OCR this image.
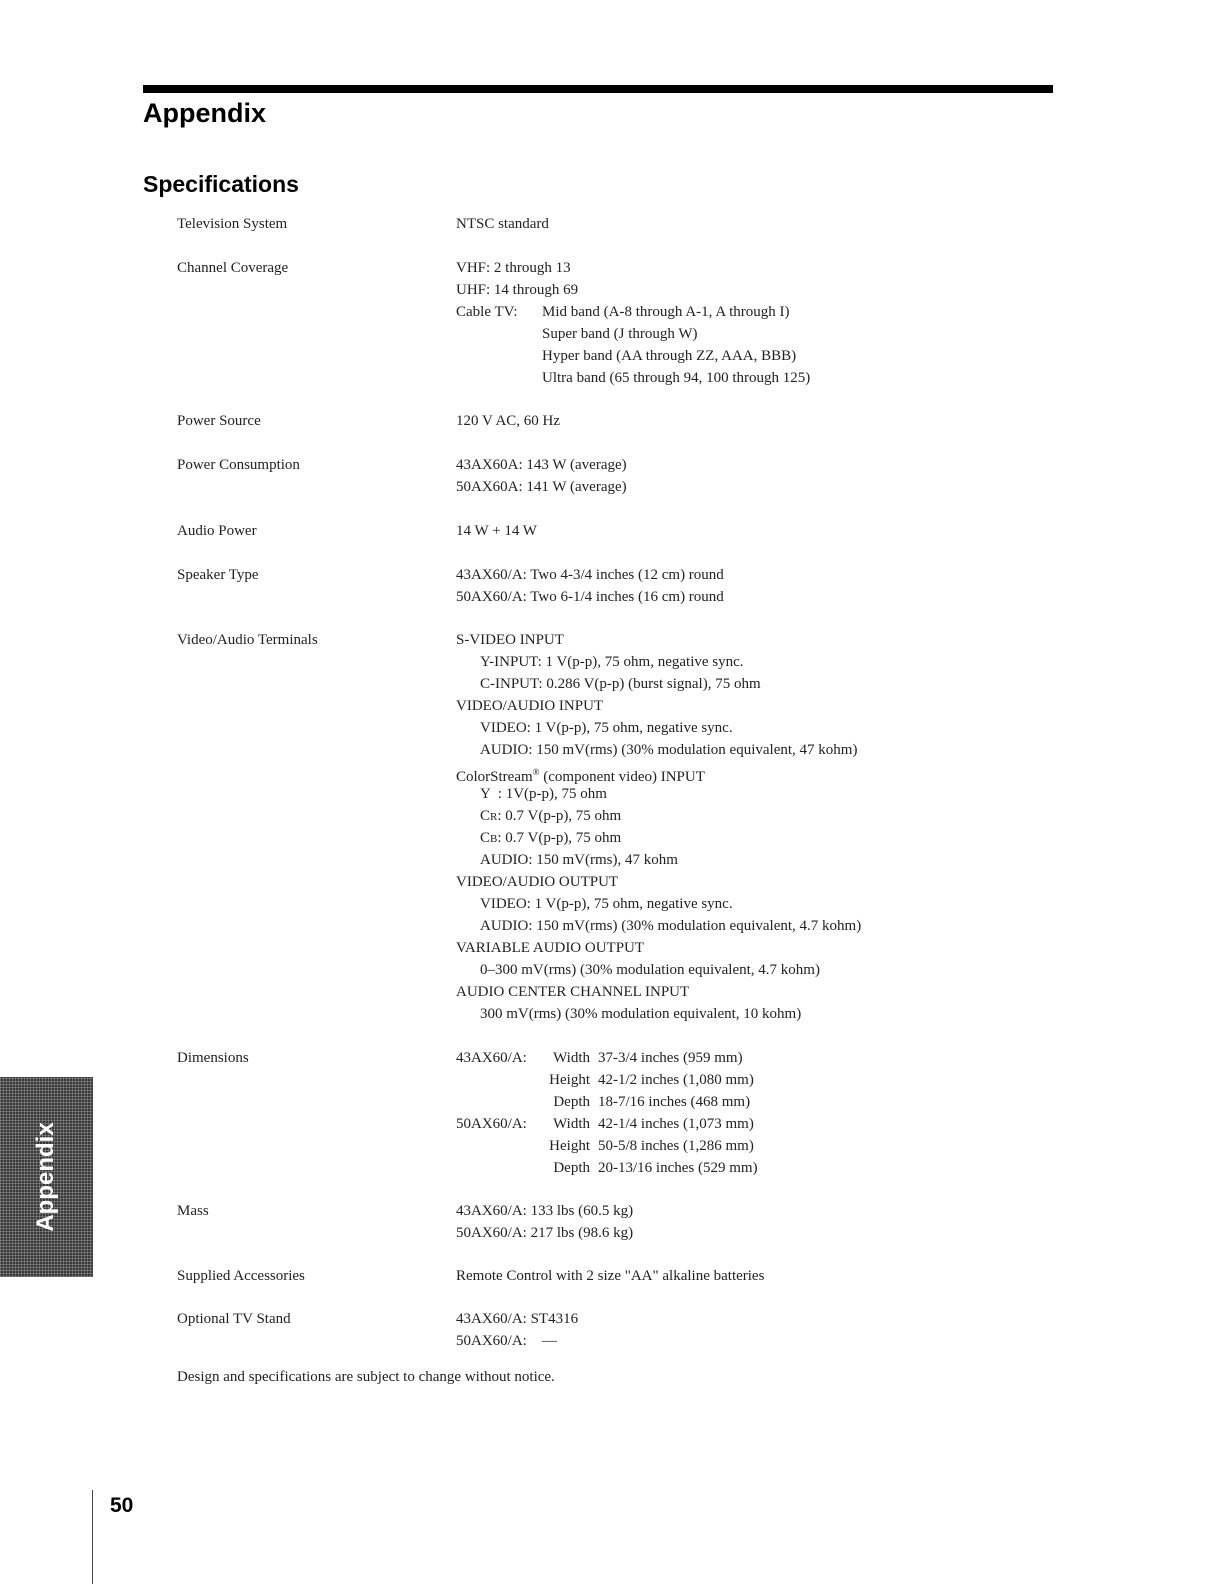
Appendix
Specifications
Television System	NTSC standard
Channel Coverage	VHF: 2 through 13
UHF: 14 through 69
Cable TV:	Mid band (A-8 through A-1, A through I)
Super band (J through W)
Hyper band (AA through ZZ, AAA, BBB)
Ultra band (65 through 94, 100 through 125)
Power Source	120 V AC, 60 Hz
Power Consumption	43AX60A: 143 W (average)
50AX60A: 141 W (average)
Audio Power	14 W + 14 W
Speaker Type	43AX60/A: Two 4-3/4 inches (12 cm) round
50AX60/A: Two 6-1/4 inches (16 cm) round
Video/Audio Terminals	S-VIDEO INPUT
Y-INPUT: 1 V(p-p), 75 ohm, negative sync.
C-INPUT: 0.286 V(p-p) (burst signal), 75 ohm
VIDEO/AUDIO INPUT
VIDEO: 1 V(p-p), 75 ohm, negative sync.
AUDIO: 150 mV(rms) (30% modulation equivalent, 47 kohm)
ColorStream® (component video) INPUT
Y  : 1V(p-p), 75 ohm
Cr: 0.7 V(p-p), 75 ohm
Cb: 0.7 V(p-p), 75 ohm
AUDIO: 150 mV(rms), 47 kohm
VIDEO/AUDIO OUTPUT
VIDEO: 1 V(p-p), 75 ohm, negative sync.
AUDIO: 150 mV(rms) (30% modulation equivalent, 4.7 kohm)
VARIABLE AUDIO OUTPUT
0–300 mV(rms) (30% modulation equivalent, 4.7 kohm)
AUDIO CENTER CHANNEL INPUT
300 mV(rms) (30% modulation equivalent, 10 kohm)
Dimensions	43AX60/A:	Width 37-3/4 inches (959 mm)
Height 42-1/2 inches (1,080 mm)
Depth 18-7/16 inches (468 mm)
50AX60/A:	Width 42-1/4 inches (1,073 mm)
Height 50-5/8 inches (1,286 mm)
Depth 20-13/16 inches (529 mm)
Mass	43AX60/A: 133 lbs (60.5 kg)
50AX60/A: 217 lbs (98.6 kg)
Supplied Accessories	Remote Control with 2 size "AA" alkaline batteries
Optional TV Stand	43AX60/A: ST4316
50AX60/A:    —
Design and specifications are subject to change without notice.
Appendix
50
